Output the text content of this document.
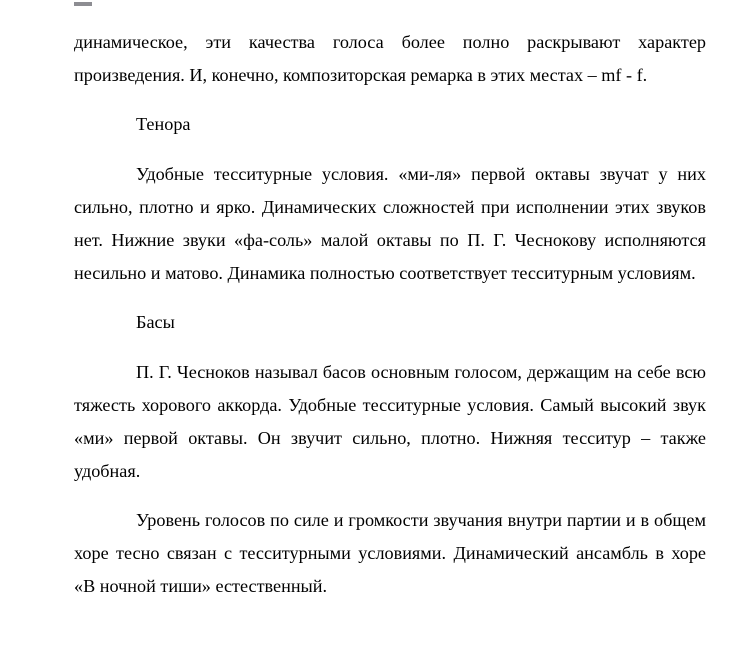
динамическое, эти качества голоса более полно раскрывают характер произведения. И, конечно, композиторская ремарка в этих местах – mf - f.

Тенора

Удобные тесситурные условия. «ми-ля» первой октавы звучат у них сильно, плотно и ярко. Динамических сложностей при исполнении этих звуков нет. Нижние звуки «фа-соль» малой октавы по П. Г. Чеснокову исполняются несильно и матово. Динамика полностью соответствует тесситурным условиям.

Басы

П. Г. Чесноков называл басов основным голосом, держащим на себе всю тяжесть хорового аккорда. Удобные тесситурные условия. Самый высокий звук «ми» первой октавы. Он звучит сильно, плотно. Нижняя тесситур – также удобная.

Уровень голосов по силе и громкости звучания внутри партии и в общем хоре тесно связан с тесситурными условиями. Динамический ансамбль в хоре «В ночной тиши» естественный.
